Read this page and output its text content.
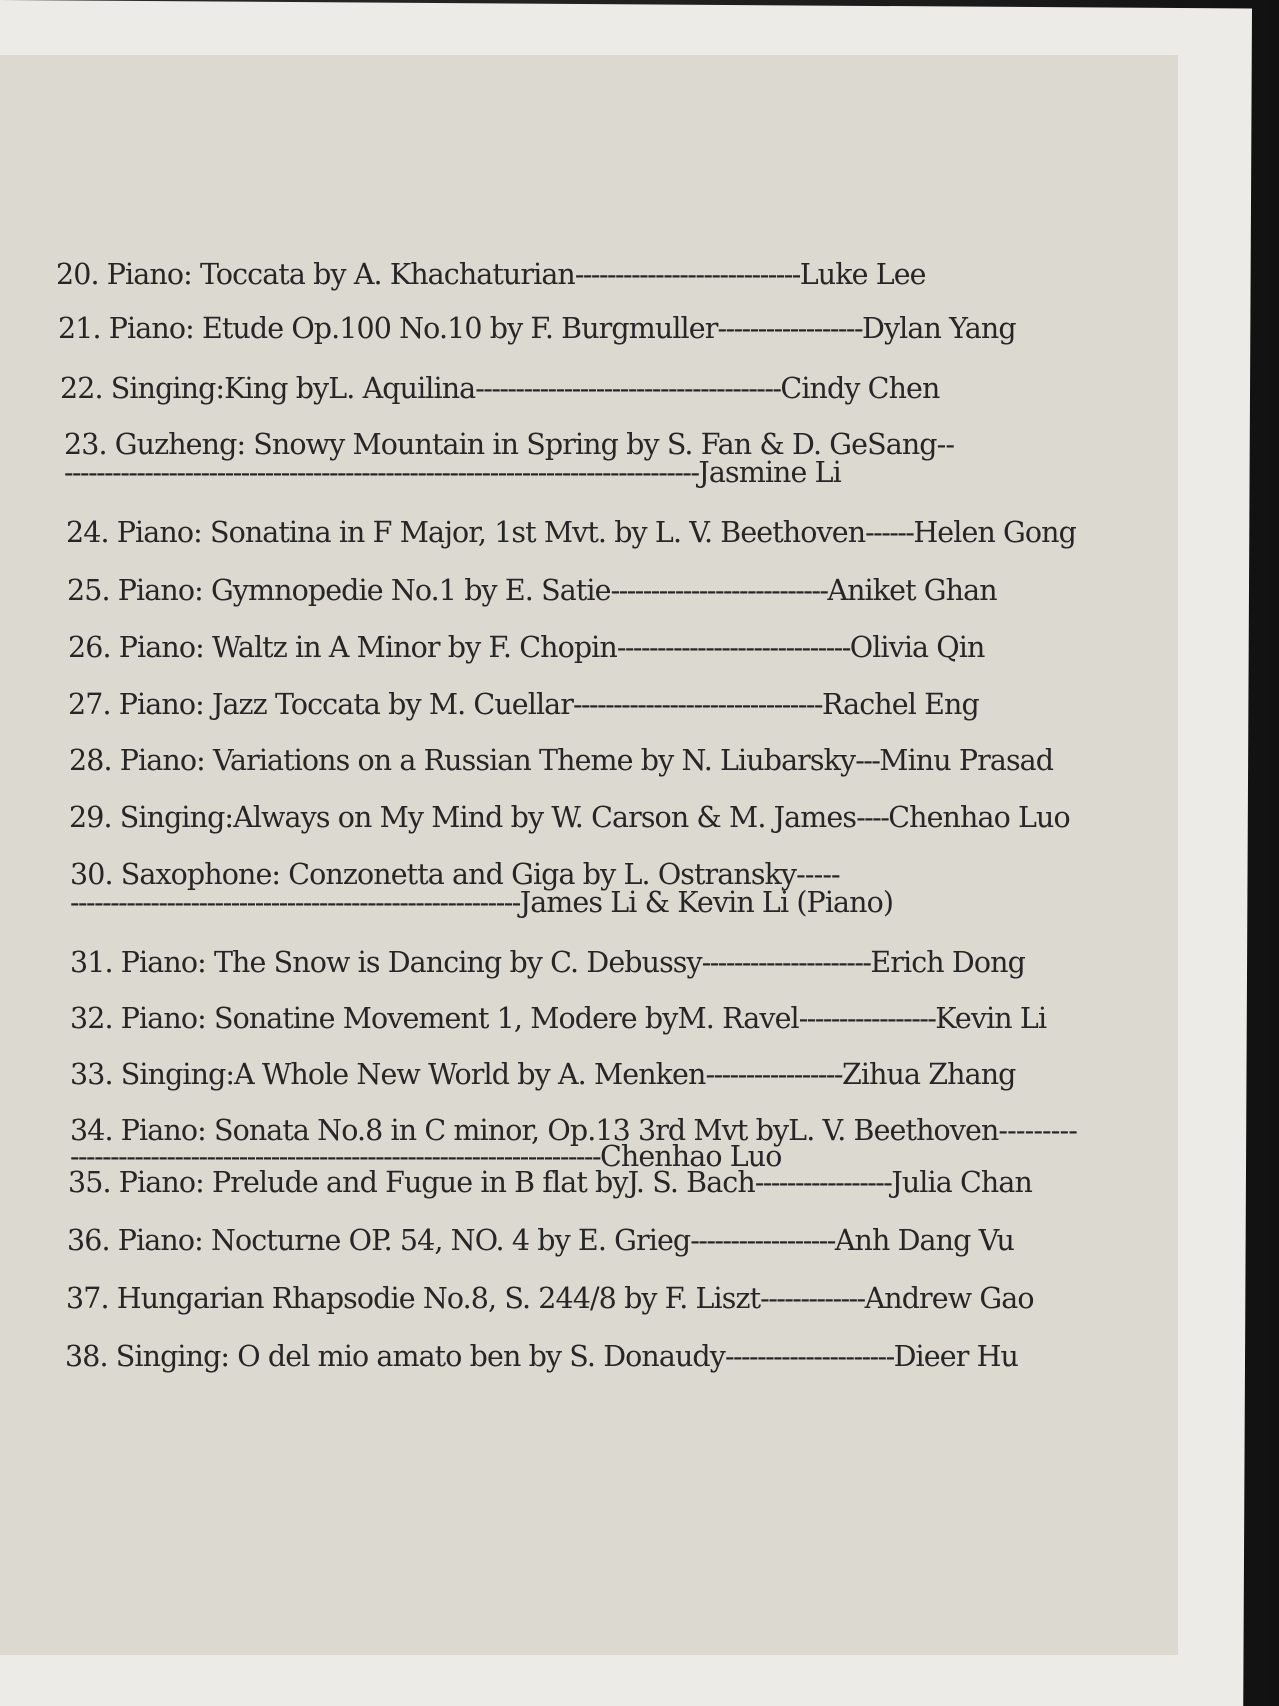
20. Piano: Toccata by A. Khachaturian----------------------------Luke Lee
21. Piano: Etude Op.100 No.10 by F. Burgmuller------------------Dylan Yang
22. Singing:King byL. Aquilina--------------------------------------Cindy Chen
23. Guzheng: Snowy Mountain in Spring by S. Fan & D. GeSang--
-------------------------------------------------------------------------------Jasmine Li
24. Piano: Sonatina in F Major, 1st Mvt. by L. V. Beethoven------Helen Gong
25. Piano: Gymnopedie No.1 by E. Satie---------------------------Aniket Ghan
26. Piano: Waltz in A Minor by F. Chopin-----------------------------Olivia Qin
27. Piano: Jazz Toccata by M. Cuellar-------------------------------Rachel Eng
28. Piano: Variations on a Russian Theme by N. Liubarsky---Minu Prasad
29. Singing:Always on My Mind by W. Carson & M. James----Chenhao Luo
30. Saxophone: Conzonetta and Giga by L. Ostransky-----
--------------------------------------------------------James Li & Kevin Li (Piano)
31. Piano: The Snow is Dancing by C. Debussy---------------------Erich Dong
32. Piano: Sonatine Movement 1, Modere byM. Ravel-----------------Kevin Li
33. Singing:A Whole New World by A. Menken-----------------Zihua Zhang
34. Piano: Sonata No.8 in C minor, Op.13 3rd Mvt byL. V. Beethoven---------
------------------------------------------------------------------Chenhao Luo
35. Piano: Prelude and Fugue in B flat byJ. S. Bach-----------------Julia Chan
36. Piano: Nocturne OP. 54, NO. 4 by E. Grieg------------------Anh Dang Vu
37. Hungarian Rhapsodie No.8, S. 244/8 by F. Liszt-------------Andrew Gao
38. Singing: O del mio amato ben by S. Donaudy---------------------Dieer Hu
